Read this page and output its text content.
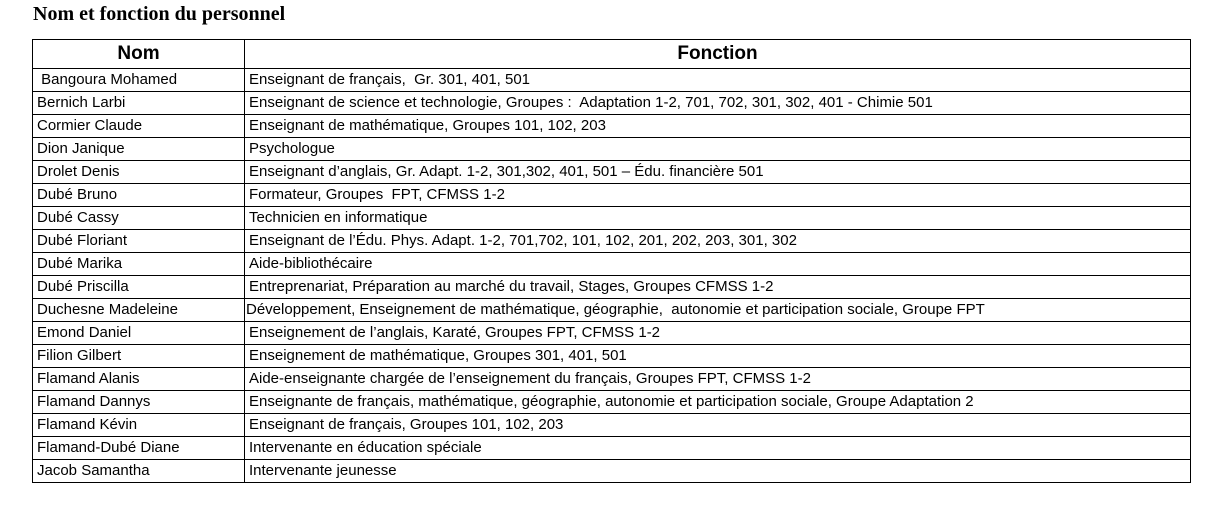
Nom et fonction du personnel
Nom	Fonction
Bangoura Mohamed	Enseignant de français,  Gr. 301, 401, 501
Bernich Larbi	Enseignant de science et technologie, Groupes :  Adaptation 1-2, 701, 702, 301, 302, 401 - Chimie 501
Cormier Claude	Enseignant de mathématique, Groupes 101, 102, 203
Dion Janique	Psychologue
Drolet Denis	Enseignant d’anglais, Gr. Adapt. 1-2, 301,302, 401, 501 – Édu. financière 501
Dubé Bruno	Formateur, Groupes  FPT, CFMSS 1-2
Dubé Cassy	Technicien en informatique
Dubé Floriant	Enseignant de l’Édu. Phys. Adapt. 1-2, 701,702, 101, 102, 201, 202, 203, 301, 302
Dubé Marika	Aide-bibliothécaire
Dubé Priscilla	Entreprenariat, Préparation au marché du travail, Stages, Groupes CFMSS 1-2
Duchesne Madeleine	Développement, Enseignement de mathématique, géographie,  autonomie et participation sociale, Groupe FPT
Emond Daniel	Enseignement de l’anglais, Karaté, Groupes FPT, CFMSS 1-2
Filion Gilbert	Enseignement de mathématique, Groupes 301, 401, 501
Flamand Alanis	Aide-enseignante chargée de l’enseignement du français, Groupes FPT, CFMSS 1-2
Flamand Dannys	Enseignante de français, mathématique, géographie, autonomie et participation sociale, Groupe Adaptation 2
Flamand Kévin	Enseignant de français, Groupes 101, 102, 203
Flamand-Dubé Diane	Intervenante en éducation spéciale
Jacob Samantha	Intervenante jeunesse
